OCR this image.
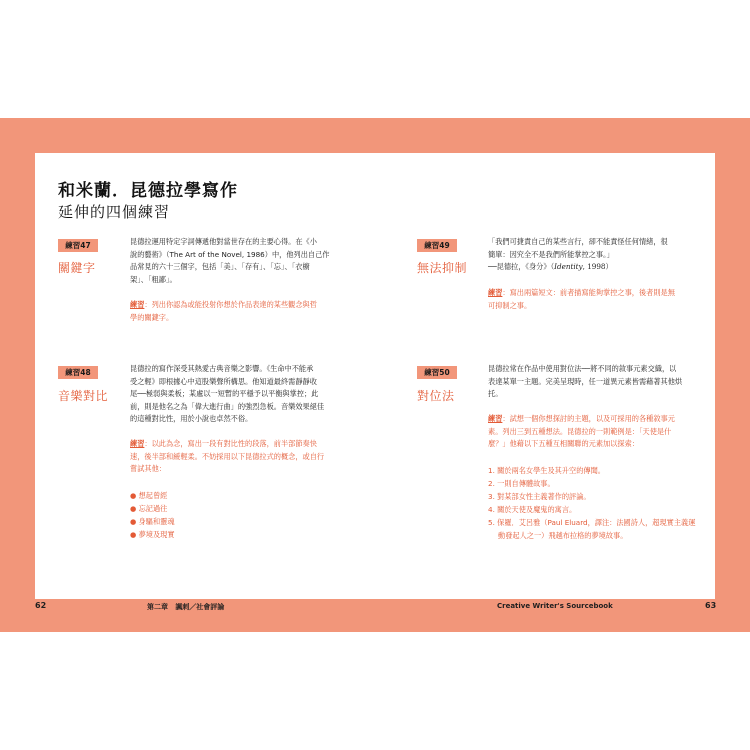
和米蘭．昆德拉學寫作
延伸的四個練習
練習47
關鍵字
昆德拉運用特定字詞傳遞他對當世存在的主要心得。在《小
說的藝術》（The Art of the Novel, 1986）中，他列出自己作
品常見的六十三個字，包括「美」、「存有」、「忘」、「衣櫥
架」、「粗鄙」。
練習：列出你認為或能投射你想於作品表達的某些觀念與哲
學的關鍵字。
練習48
音樂對比
昆德拉的寫作深受其熱愛古典音樂之影響。《生命中不能承
受之輕》即根據心中這股樂聲所構思。他知道最終需靜靜收
尾──極弱與柔板；某處以一短暫的平穩予以平衡與掌控；此
前，則是他名之為「偉大進行曲」的強烈急板。音樂效果絕佳
的這種對比性，用於小說也卓然不俗。
練習：以此為念，寫出一段有對比性的段落，前半部節奏快
速，後半部和緩輕柔。不妨採用以下昆德拉式的概念，或自行
嘗試其他：
● 想起曾經
● 忘記過往
● 身驅和靈魂
● 夢境及現實
練習49
無法抑制
「我們可捷責自己的某些言行，卻不能責怪任何情緒，很
簡單：因究全不是我們所能掌控之事。」
──昆德拉，《身分》（Identity, 1998）
練習：寫出兩篇短文：前者描寫能夠掌控之事，後者則是無
可抑制之事。
練習50
對位法
昆德拉常在作品中使用對位法──將不同的敘事元素交織，以
表達某單一主題。完美呈現時，任一道異元素皆需藉著其他烘
托。
練習：試想一個你想探討的主題，以及可採用的各種敘事元
素。列出三到五種想法。昆德拉的一則範例是：「天使是什
麼？」他藉以下五種互相關聯的元素加以探索：
1. 關於兩名女學生及其升空的傳聞。
2. 一則自傳體故事。
3. 對某部女性主義著作的評論。
4. 關於天使及魔鬼的寓言。
5. 保羅．艾呂雅（Paul Eluard，譯注：法國詩人，超現實主義運
動發起人之一）飛越布拉格的夢境故事。
62	第二章 諷刺／社會評論	Creative Writer's Sourcebook	63
